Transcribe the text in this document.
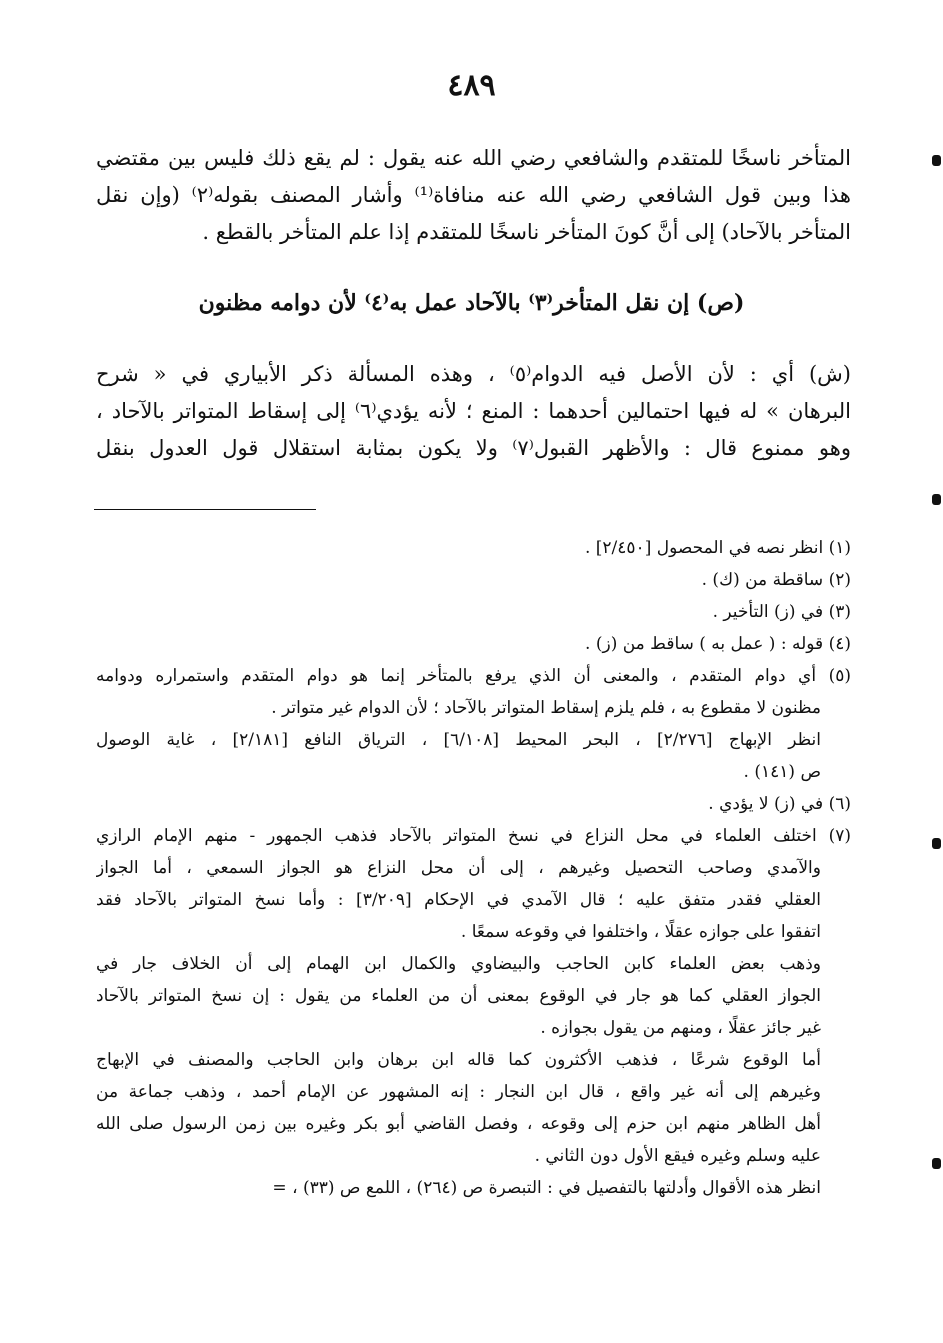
٤٨٩
المتأخر ناسخًا للمتقدم والشافعي رضي الله عنه يقول : لم يقع ذلك فليس بين مقتضي
هذا وبين قول الشافعي رضي الله عنه منافاة⁽¹⁾ وأشار المصنف بقوله⁽٢⁾ (وإن نقل
المتأخر بالآحاد) إلى أنَّ كونَ المتأخر ناسخًا للمتقدم إذا علم المتأخر بالقطع .
(ص) إن نقل المتأخر⁽٣⁾ بالآحاد عمل به⁽٤⁾ لأن دوامه مظنون
(ش) أي : لأن الأصل فيه الدوام⁽٥⁾ ، وهذه المسألة ذكر الأبياري في « شرح
البرهان » له فيها احتمالين أحدهما : المنع ؛ لأنه يؤدي⁽٦⁾ إلى إسقاط المتواتر بالآحاد ،
وهو ممنوع قال : والأظهر القبول⁽٧⁾ ولا يكون بمثابة استقلال قول العدول بنقل
(١) انظر نصه في المحصول [٢/٤٥٠] .
(٢) ساقطة من (ك) .
(٣) في (ز) التأخير .
(٤) قوله : ( عمل به ) ساقط من (ز) .
(٥) أي دوام المتقدم ، والمعنى أن الذي يرفع بالمتأخر إنما هو دوام المتقدم واستمراره ودوامه
مظنون لا مقطوع به ، فلم يلزم إسقاط المتواتر بالآحاد ؛ لأن الدوام غير متواتر .
انظر الإبهاج [٢/٢٧٦] ، البحر المحيط [٦/١٠٨] ، الترياق النافع [٢/١٨١] ، غاية الوصول
ص (١٤١) .
(٦) في (ز) لا يؤدي .
(٧) اختلف العلماء في محل النزاع في نسخ المتواتر بالآحاد فذهب الجمهور - منهم الإمام الرازي
والآمدي وصاحب التحصيل وغيرهم ، إلى أن محل النزاع هو الجواز السمعي ، أما الجواز
العقلي فقدر متفق عليه ؛ قال الآمدي في الإحكام [٣/٢٠٩] : وأما نسخ المتواتر بالآحاد فقد
اتفقوا على جوازه عقلًا ، واختلفوا في وقوعه سمعًا .
وذهب بعض العلماء كابن الحاجب والبيضاوي والكمال ابن الهمام إلى أن الخلاف جار في
الجواز العقلي كما هو جار في الوقوع بمعنى أن من العلماء من يقول : إن نسخ المتواتر بالآحاد
غير جائز عقلًا ، ومنهم من يقول بجوازه .
أما الوقوع شرعًا ، فذهب الأكثرون كما قاله ابن برهان وابن الحاجب والمصنف في الإبهاج
وغيرهم إلى أنه غير واقع ، قال ابن النجار : إنه المشهور عن الإمام أحمد ، وذهب جماعة من
أهل الظاهر منهم ابن حزم إلى وقوعه ، وفصل القاضي أبو بكر وغيره بين زمن الرسول صلى الله
عليه وسلم وغيره فيقع الأول دون الثاني .
انظر هذه الأقوال وأدلتها بالتفصيل في : التبصرة ص (٢٦٤) ، اللمع ص (٣٣) ، =
